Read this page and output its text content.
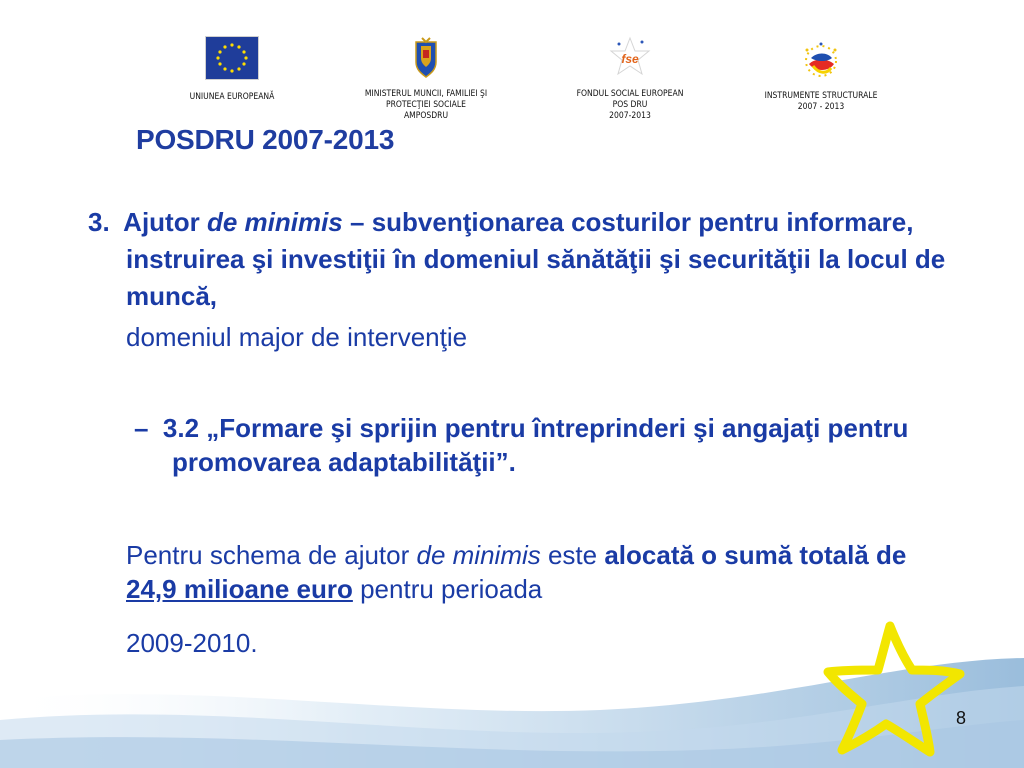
UNIUNEA EUROPEANĂ	MINISTERUL MUNCII, FAMILIEI ŞI
PROTECŢIEI SOCIALE
AMPOSDRU
fse
FONDUL SOCIAL EUROPEAN
POS DRU
2007-2013
INSTRUMENTE STRUCTURALE
2007 - 2013
POSDRU 2007-2013
3. Ajutor de minimis – subvenţionarea costurilor pentru informare, instruirea şi investiţii în domeniul sănătăţii şi securităţii la locul de muncă,
domeniul major de intervenţie
– 3.2 „Formare şi sprijin pentru întreprinderi şi angajaţi pentru promovarea adaptabilităţii”.
Pentru schema de ajutor de minimis este alocată o sumă totală de 24,9 milioane euro pentru perioada
2009-2010.
8
